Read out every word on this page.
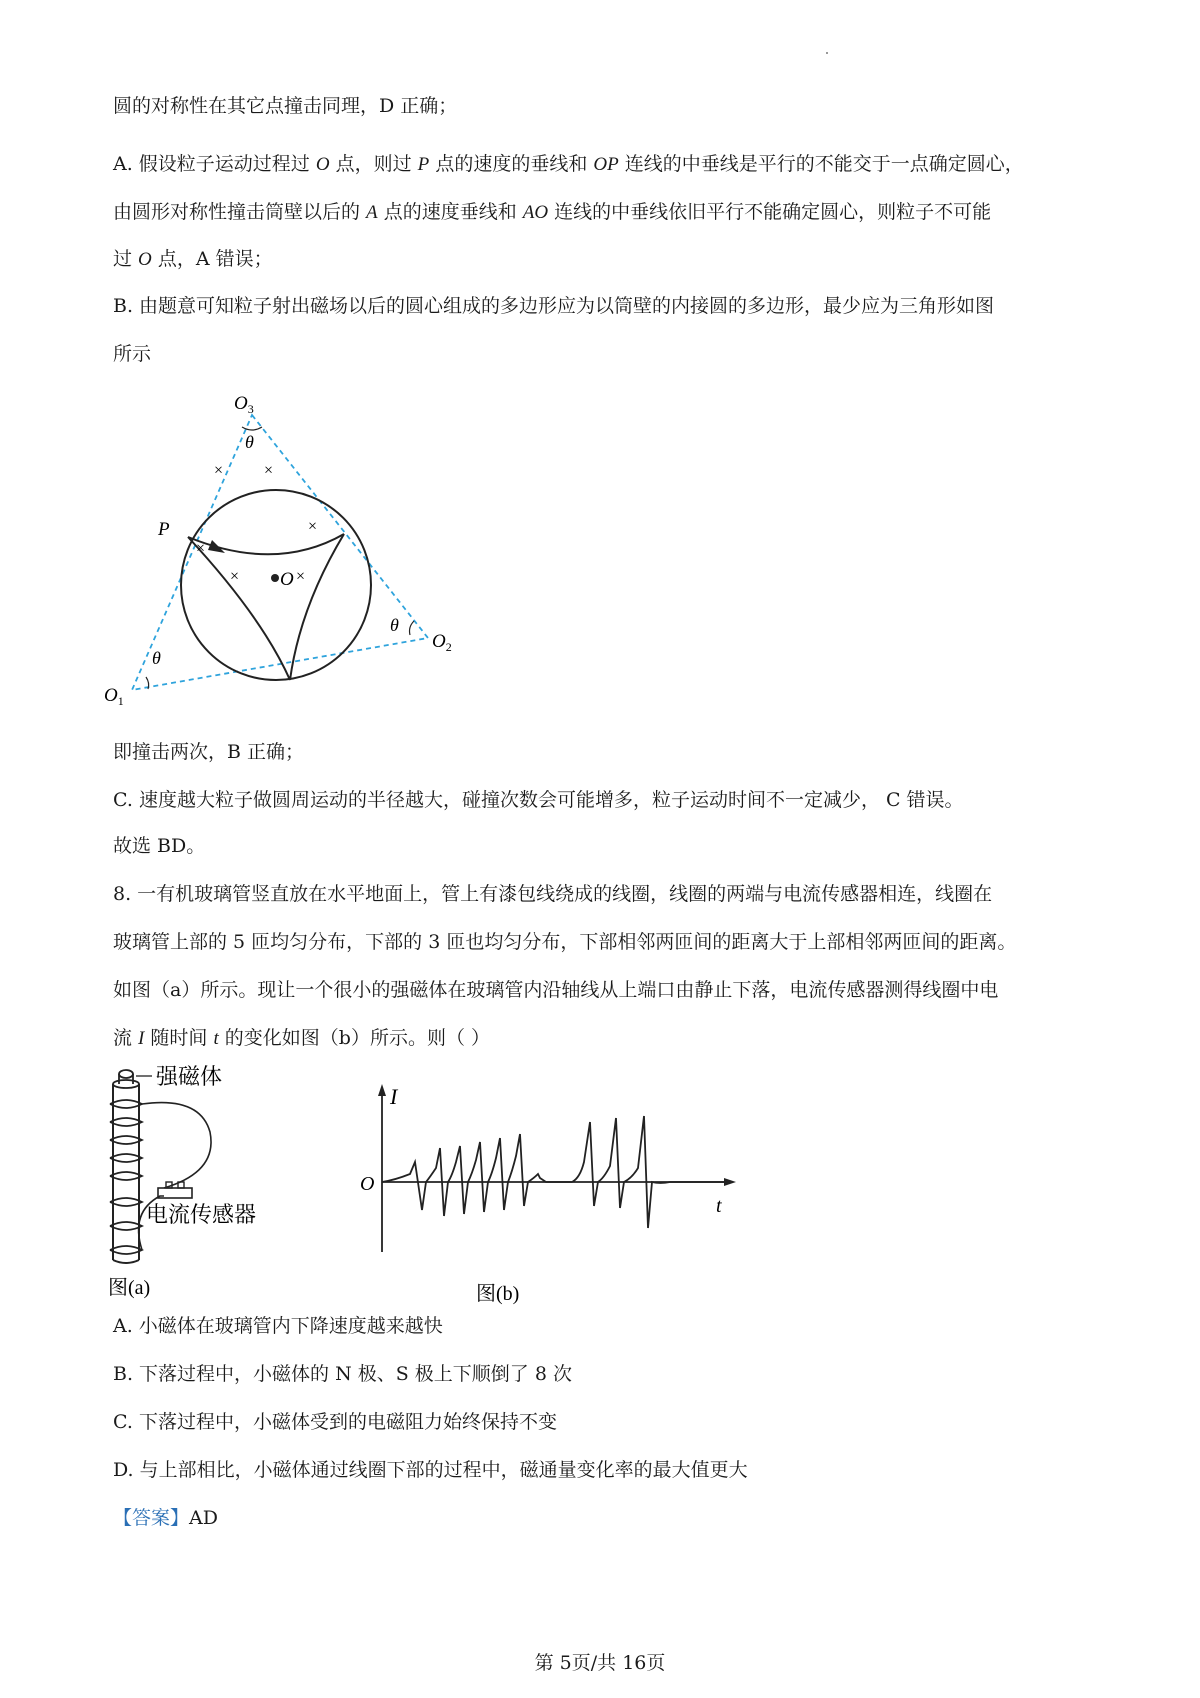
圆的对称性在其它点撞击同理，D 正确；
A. 假设粒子运动过程过 O 点，则过 P 点的速度的垂线和 OP 连线的中垂线是平行的不能交于一点确定圆心，
由圆形对称性撞击筒壁以后的 A 点的速度垂线和 AO 连线的中垂线依旧平行不能确定圆心，则粒子不可能
过 O 点，A 错误；
B. 由题意可知粒子射出磁场以后的圆心组成的多边形应为以筒壁的内接圆的多边形，最少应为三角形如图
所示
$O_3$
θ
×	×
×
×
×	×
P
O
θ
$O_2$
θ
$O_1$
即撞击两次，B 正确；
C. 速度越大粒子做圆周运动的半径越大，碰撞次数会可能增多，粒子运动时间不一定减少， C 错误。
故选 BD。
8. 一有机玻璃管竖直放在水平地面上，管上有漆包线绕成的线圈，线圈的两端与电流传感器相连，线圈在
玻璃管上部的 5 匝均匀分布，下部的 3 匝也均匀分布，下部相邻两匝间的距离大于上部相邻两匝间的距离。
如图（a）所示。现让一个很小的强磁体在玻璃管内沿轴线从上端口由静止下落，电流传感器测得线圈中电
流 I 随时间 t 的变化如图（b）所示。则（ ）
强磁体
电流传感器
图(a)
I
O
t
图(b)
A. 小磁体在玻璃管内下降速度越来越快
B. 下落过程中，小磁体的 N 极、S 极上下顺倒了 8 次
C. 下落过程中，小磁体受到的电磁阻力始终保持不变
D. 与上部相比，小磁体通过线圈下部的过程中，磁通量变化率的最大值更大
【答案】AD
第 5页/共 16页
